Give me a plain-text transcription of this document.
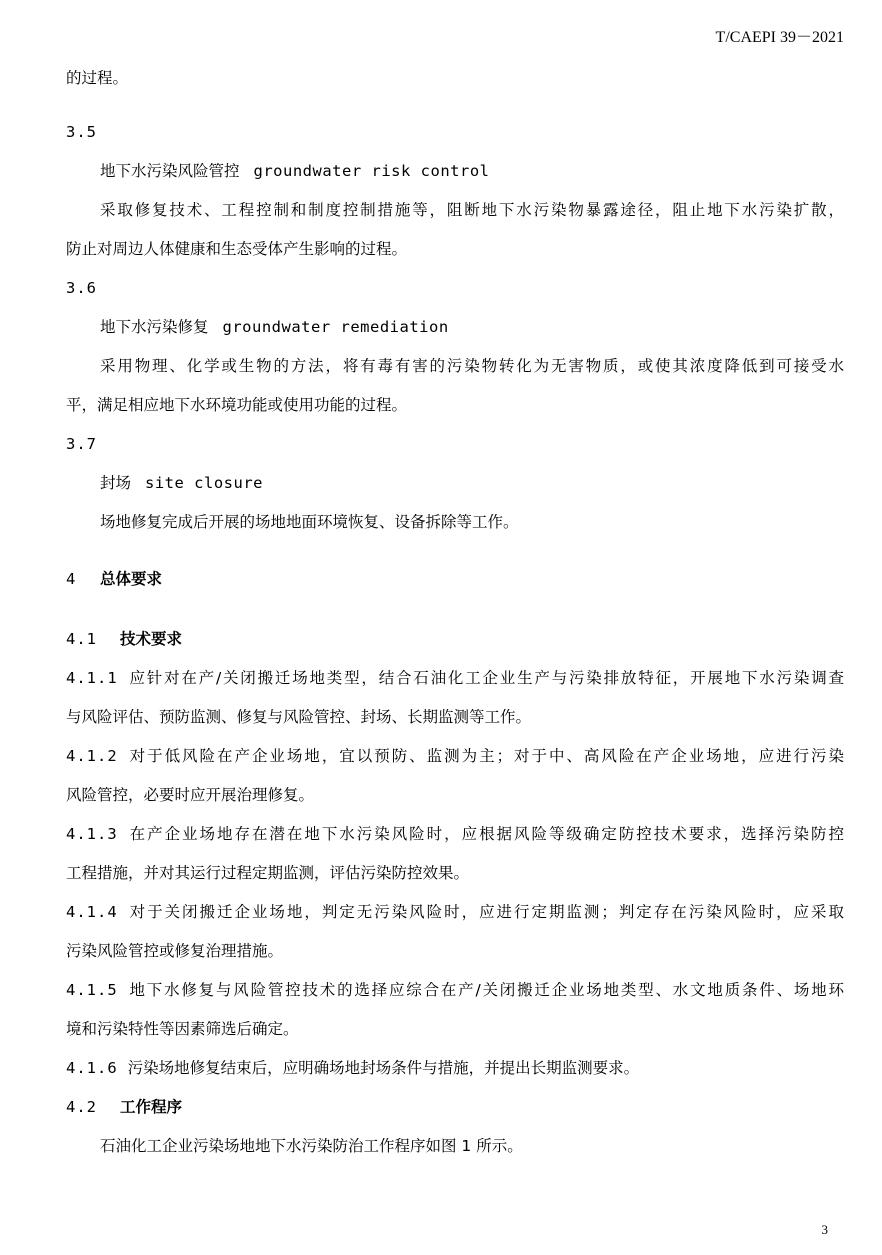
T/CAEPI 39－2021

的过程。

3.5

地下水污染风险管控 groundwater risk control

采取修复技术、工程控制和制度控制措施等，阻断地下水污染物暴露途径，阻止地下水污染扩散，

防止对周边人体健康和生态受体产生影响的过程。

3.6

地下水污染修复 groundwater remediation

采用物理、化学或生物的方法，将有毒有害的污染物转化为无害物质，或使其浓度降低到可接受水

平，满足相应地下水环境功能或使用功能的过程。

3.7

封场 site closure

场地修复完成后开展的场地地面环境恢复、设备拆除等工作。

4 总体要求

4.1 技术要求

4.1.1 应针对在产/关闭搬迁场地类型，结合石油化工企业生产与污染排放特征，开展地下水污染调查

与风险评估、预防监测、修复与风险管控、封场、长期监测等工作。

4.1.2 对于低风险在产企业场地，宜以预防、监测为主；对于中、高风险在产企业场地，应进行污染

风险管控，必要时应开展治理修复。

4.1.3 在产企业场地存在潜在地下水污染风险时，应根据风险等级确定防控技术要求，选择污染防控

工程措施，并对其运行过程定期监测，评估污染防控效果。

4.1.4 对于关闭搬迁企业场地，判定无污染风险时，应进行定期监测；判定存在污染风险时，应采取

污染风险管控或修复治理措施。

4.1.5 地下水修复与风险管控技术的选择应综合在产/关闭搬迁企业场地类型、水文地质条件、场地环

境和污染特性等因素筛选后确定。

4.1.6 污染场地修复结束后，应明确场地封场条件与措施，并提出长期监测要求。

4.2 工作程序

石油化工企业污染场地地下水污染防治工作程序如图 1 所示。

3
